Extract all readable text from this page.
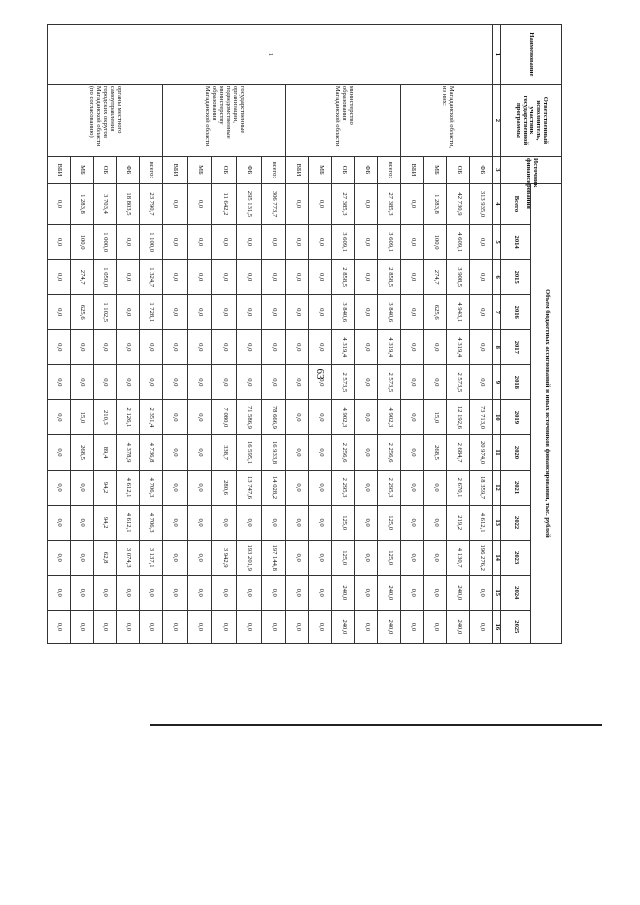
63
Наименование	Ответственный исполнитель, участник государственной программы	Источник финансирования	Объем бюджетных ассигнований и иных источников финансирования, тыс. рублей												
			Всего	2014	2015	2016	2017	2018	2019	2020	2021	2022	2023	2024	2025
1	2	3	4	5	6	7	8	9	10	11	12	13	14	15	16
1	Магаданской области, из них:	ФБ	313 935,0	0,0	0,0	0,0	0,0	0,0	73 713,0	20 974,0	18 359,7	4 612,1	196 276,2	0,0	0,0
		ОБ	42 730,9	4 609,1	3 908,5	4 943,1	4 319,4	2 573,5	12 192,6	2 684,7	2 670,1	219,2	4 130,7	240,0	240,0
		МБ	1 283,8	100,0	274,7	625,6	0,0	0,0	15,0	268,5	0,0	0,0	0,0	0,0	0,0
		ВБИ	0,0	0,0	0,0	0,0	0,0	0,0	0,0	0,0	0,0	0,0	0,0	0,0	0,0
	министерство образования Магаданской области	всего:	27 385,3	3 609,1	2 858,5	3 840,6	4 319,4	2 573,5	4 902,3	2 256,6	2 295,3	125,0	125,0	240,0	240,0
		ФБ	0,0	0,0	0,0	0,0	0,0	0,0	0,0	0,0	0,0	0,0	0,0	0,0	0,0
		ОБ	27 385,3	3 609,1	2 858,5	3 840,6	4 319,4	2 573,5	4 902,3	2 256,6	2 295,3	125,0	125,0	240,0	240,0
		МБ	0,0	0,0	0,0	0,0	0,0	0,0	0,0	0,0	0,0	0,0	0,0	0,0	0,0
		ВБИ	0,0	0,0	0,0	0,0	0,0	0,0	0,0	0,0	0,0	0,0	0,0	0,0	0,0
	государственные организации, подведомственные министерству образования Магаданской области	всего:	306 773,7	0,0	0,0	0,0	0,0	0,0	78 666,9	16 933,8	14 028,2	0,0	197 144,8	0,0	0,0
		ФБ	295 131,5	0,0	0,0	0,0	0,0	0,0	71 586,9	16 595,1	13 747,6	0,0	193 201,9	0,0	0,0
		ОБ	11 642,2	0,0	0,0	0,0	0,0	0,0	7 080,0	338,7	280,6	0,0	3 942,9	0,0	0,0
		МБ	0,0	0,0	0,0	0,0	0,0	0,0	0,0	0,0	0,0	0,0	0,0	0,0	0,0
		ВБИ	0,0	0,0	0,0	0,0	0,0	0,0	0,0	0,0	0,0	0,0	0,0	0,0	0,0
	органы местного самоуправления городских округов Магаданской области (по согласованию)	всего:	23 790,7	1 100,0	1 324,7	1 728,1	0,0	0,0	2 351,4	4 736,8	4 706,3	4 706,3	3 137,1	0,0	0,0
		ФБ	18 803,5	0,0	0,0	0,0	0,0	0,0	2 126,1	4 378,9	4 612,1	4 612,1	3 074,3	0,0	0,0
		ОБ	3 703,4	1 000,0	1 050,0	1 102,5	0,0	0,0	210,3	89,4	94,2	94,2	62,8	0,0	0,0
		МБ	1 283,8	100,0	274,7	625,6	0,0	0,0	15,0	268,5	0,0	0,0	0,0	0,0	0,0
		ВБИ	0,0	0,0	0,0	0,0	0,0	0,0	0,0	0,0	0,0	0,0	0,0	0,0	0,0
